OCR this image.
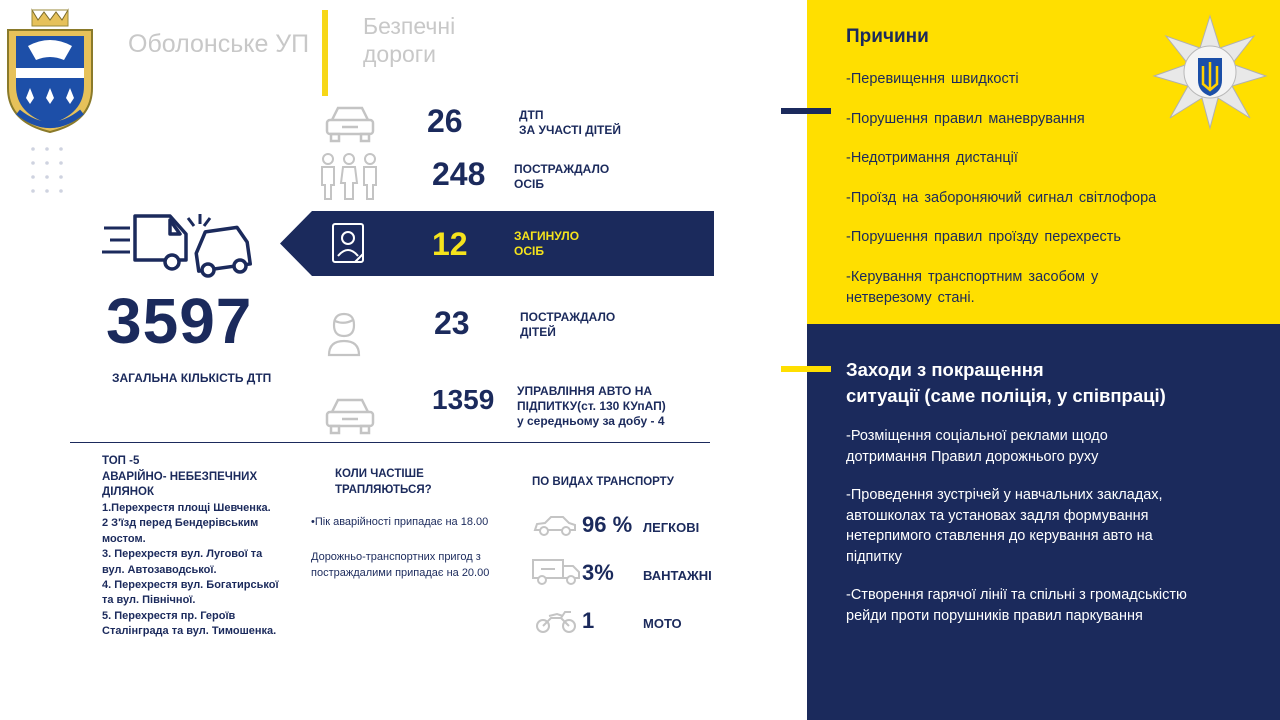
Оболонське УП
Безпечні
дороги
26	ДТП
ЗА УЧАСТІ ДІТЕЙ
248 ПОСТРАЖДАЛО
ОСІБ
12	ЗАГИНУЛО
ОСІБ
3597
ЗАГАЛЬНА КІЛЬКІСТЬ ДТП
23	ПОСТРАЖДАЛО
ДІТЕЙ
1359 УПРАВЛІННЯ АВТО НА
ПІДПИТКУ(ст. 130 КУпАП)
у середньому за добу - 4
ТОП -5
АВАРІЙНО- НЕБЕЗПЕЧНИХ
ДІЛЯНОК
1.Перехрестя площі Шевченка.
2 З'їзд перед Бендерівським
мостом.
3. Перехрестя вул. Лугової та
вул. Автозаводської.
4. Перехрестя вул. Богатирської
та вул. Північної.
5. Перехрестя пр. Героїв
Сталінграда та вул. Тимошенка.
КОЛИ ЧАСТІШЕ
ТРАПЛЯЮТЬСЯ?
•Пік аварійності припадає на 18.00
Дорожньо-транспортних пригод з
постраждалими припадає на 20.00
ПО ВИДАХ ТРАНСПОРТУ
96 % ЛЕГКОВІ
3% ВАНТАЖНІ
1	МОТО
Причини
-Перевищення швидкості
-Порушення правил маневрування
-Недотримання дистанції
-Проїзд на забороняючий сигнал світлофора
-Порушення правил проїзду перехресть
-Керування транспортним засобом у
нетверезому стані.
Заходи з покращення
ситуації (саме поліція, у співпраці)
-Розміщення соціальної реклами щодо
дотримання Правил дорожнього руху
-Проведення зустрічей у навчальних закладах,
автошколах та установах задля формування
нетерпимого ставлення до керування авто на
підпитку
-Створення гарячої лінії та спільні з громадськістю
рейди проти порушників правил паркування
